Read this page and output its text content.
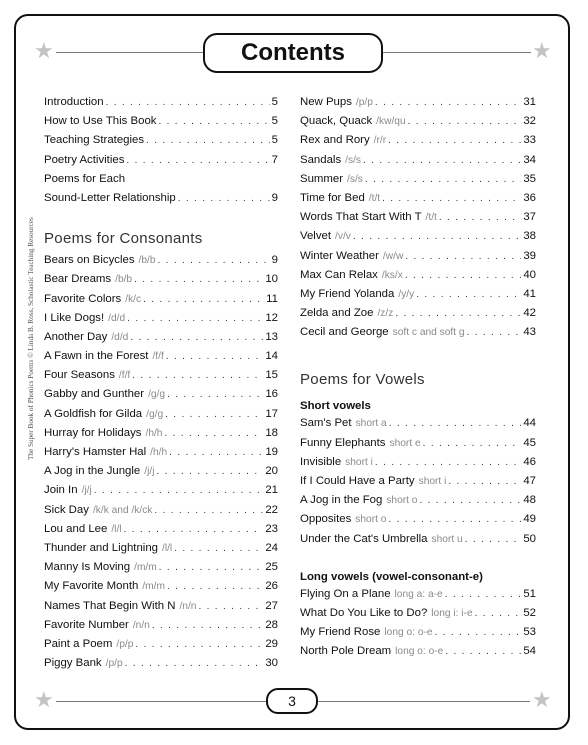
★	★
Contents
★	★
3
The Super Book of Phonics Poems © Linda B. Ross, Scholastic Teaching Resources
Introduction . . .	5
How to Use This Book . . .	5
Teaching Strategies . . .	5
Poetry Activities . . .	7
Poems for Each
Sound-Letter Relationship . . .	9
Poems for Consonants
Bears on Bicycles /b/b . . .	9
Bear Dreams /b/b . . .	10
Favorite Colors /k/c . . .	11
I Like Dogs! /d/d . . .	12
Another Day /d/d . . .	13
A Fawn in the Forest /f/f . . .	14
Four Seasons /f/f . . .	15
Gabby and Gunther /g/g . . .	16
A Goldfish for Gilda /g/g . . .	17
Hurray for Holidays /h/h . . .	18
Harry's Hamster Hal /h/h . . .	19
A Jog in the Jungle /j/j . . .	20
Join In /j/j . . .	21
Sick Day /k/k and /k/ck . . .	22
Lou and Lee /l/l . . .	23
Thunder and Lightning /l/l . . .	24
Manny Is Moving /m/m . . .	25
My Favorite Month /m/m . . .	26
Names That Begin With N /n/n . . .	27
Favorite Number /n/n . . .	28
Paint a Poem /p/p . . .	29
Piggy Bank /p/p . . .	30
New Pups /p/p . . .	31
Quack, Quack /kw/qu . . .	32
Rex and Rory /r/r . . .	33
Sandals /s/s . . .	34
Summer /s/s . . .	35
Time for Bed /t/t . . .	36
Words That Start With T /t/t . . .	37
Velvet /v/v . . .	38
Winter Weather /w/w . . .	39
Max Can Relax /ks/x . . .	40
My Friend Yolanda /y/y . . .	41
Zelda and Zoe /z/z . . .	42
Cecil and George soft c and soft g . . .	43
Poems for Vowels
Short vowels
Sam's Pet short a . . .	44
Funny Elephants short e . . .	45
Invisible short i . . .	46
If I Could Have a Party short i . . .	47
A Jog in the Fog short o . . .	48
Opposites short o . . .	49
Under the Cat's Umbrella short u . . .	50
Long vowels (vowel-consonant-e)
Flying On a Plane long a: a-e . . .	51
What Do You Like to Do? long i: i-e . . .	52
My Friend Rose long o: o-e . . .	53
North Pole Dream long o: o-e . . .	54
